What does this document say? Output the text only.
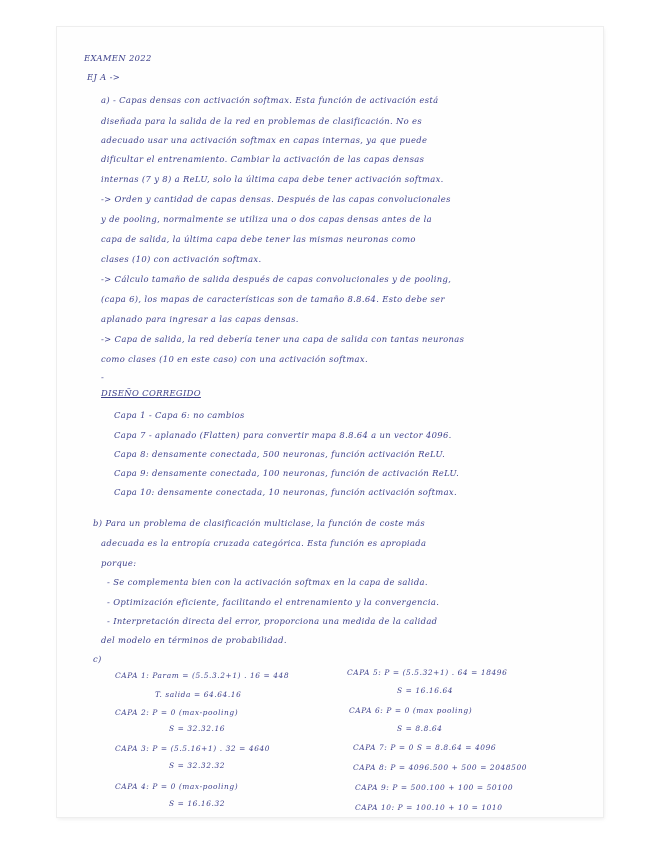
EXAMEN 2022
EJ A ->
a) - Capas densas con activación softmax. Esta función de activación está
diseñada para la salida de la red en problemas de clasificación. No es
adecuado usar una activación softmax en capas internas, ya que puede
dificultar el entrenamiento. Cambiar la activación de las capas densas
internas (7 y 8) a ReLU, solo la última capa debe tener activación softmax.
-> Orden y cantidad de capas densas. Después de las capas convolucionales
y de pooling, normalmente se utiliza una o dos capas densas antes de la
capa de salida, la última capa debe tener las mismas neuronas como
clases (10) con activación softmax.
-> Cálculo tamaño de salida después de capas convolucionales y de pooling,
(capa 6), los mapas de características son de tamaño 8.8.64. Esto debe ser
aplanado para ingresar a las capas densas.
-> Capa de salida, la red debería tener una capa de salida con tantas neuronas
como clases (10 en este caso) con una activación softmax.
-
DISEÑO CORREGIDO
Capa 1 - Capa 6: no cambios
Capa 7 - aplanado (Flatten) para convertir mapa 8.8.64 a un vector 4096.
Capa 8: densamente conectada, 500 neuronas, función activación ReLU.
Capa 9: densamente conectada, 100 neuronas, función de activación ReLU.
Capa 10: densamente conectada, 10 neuronas, función activación softmax.
b) Para un problema de clasificación multiclase, la función de coste más
adecuada es la entropía cruzada categórica. Esta función es apropiada
porque:
- Se complementa bien con la activación softmax en la capa de salida.
- Optimización eficiente, facilitando el entrenamiento y la convergencia.
- Interpretación directa del error, proporciona una medida de la calidad
del modelo en términos de probabilidad.
c)
CAPA 1: Param = (5.5.3.2+1) . 16 = 448
T. salida = 64.64.16
CAPA 2: P = 0 (max-pooling)
S = 32.32.16
CAPA 3: P = (5.5.16+1) . 32 = 4640
S = 32.32.32
CAPA 4: P = 0 (max-pooling)
S = 16.16.32
CAPA 5: P = (5.5.32+1) . 64 = 18496
S = 16.16.64
CAPA 6: P = 0 (max pooling)
S = 8.8.64
CAPA 7: P = 0 S = 8.8.64 = 4096
CAPA 8: P = 4096.500 + 500 = 2048500
CAPA 9: P = 500.100 + 100 = 50100
CAPA 10: P = 100.10 + 10 = 1010
